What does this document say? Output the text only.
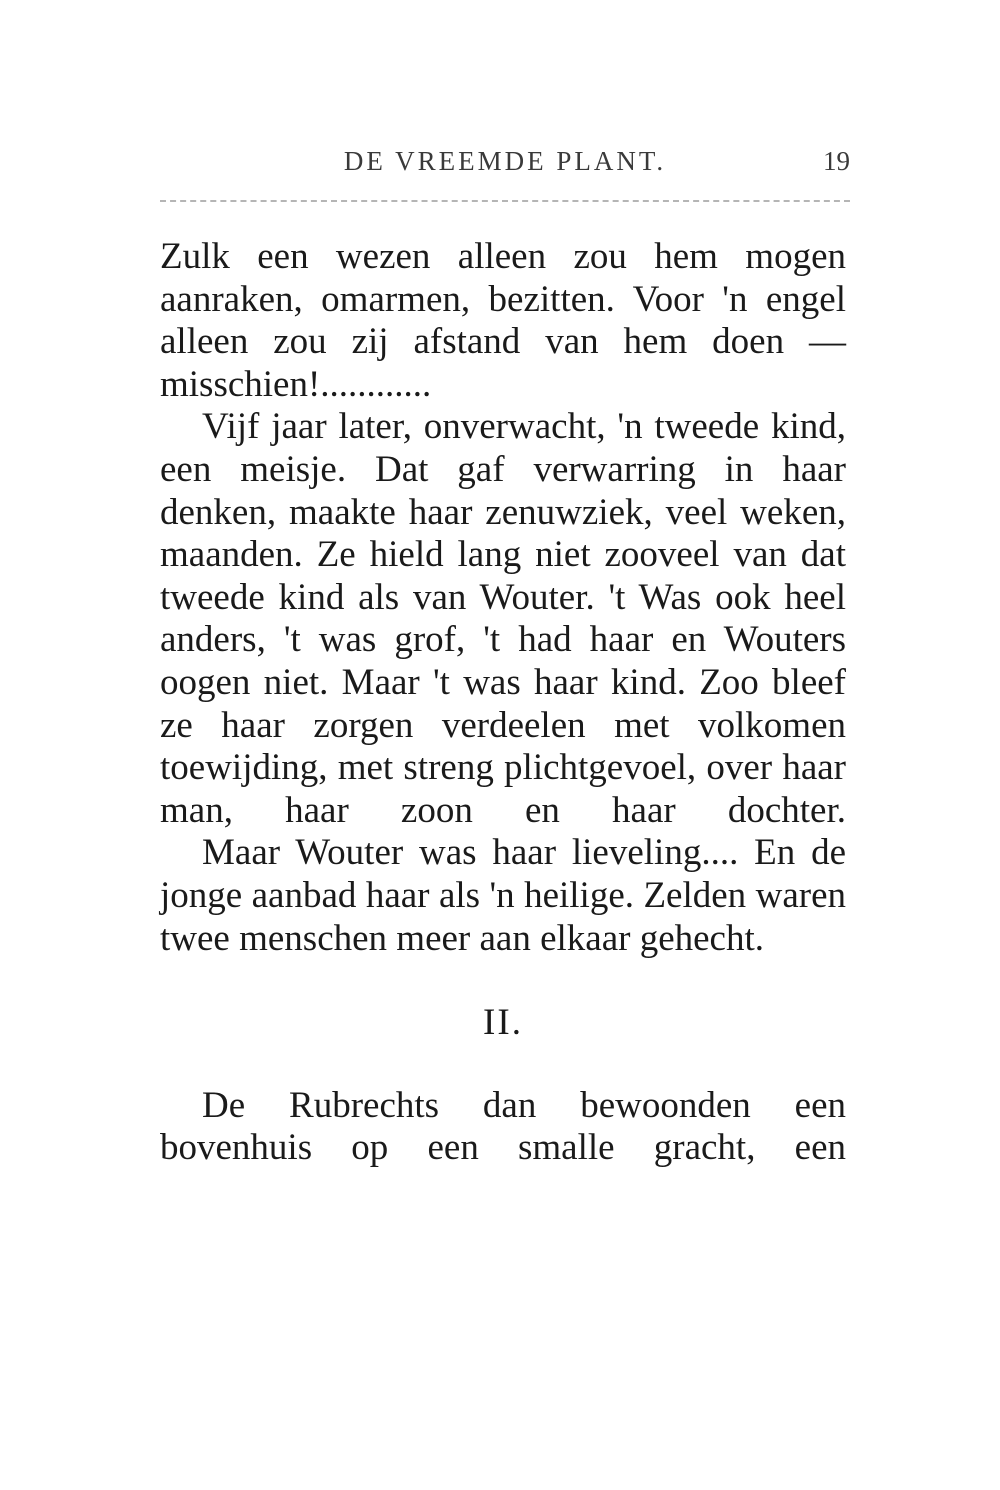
DE VREEMDE PLANT.	19

Zulk een wezen alleen zou hem mogen aanraken, omarmen, bezitten. Voor 'n engel alleen zou zij afstand van hem doen — misschien!............

Vijf jaar later, onverwacht, 'n tweede kind, een meisje. Dat gaf verwarring in haar denken, maakte haar zenuwziek, veel weken, maanden. Ze hield lang niet zooveel van dat tweede kind als van Wouter. 't Was ook heel anders, 't was grof, 't had haar en Wouters oogen niet. Maar 't was haar kind. Zoo bleef ze haar zorgen verdeelen met volkomen toewijding, met streng plichtgevoel, over haar man, haar zoon en haar dochter.

Maar Wouter was haar lieveling.... En de jonge aanbad haar als 'n heilige. Zelden waren twee menschen meer aan elkaar gehecht.

II.

De Rubrechts dan bewoonden een bovenhuis op een smalle gracht, een
